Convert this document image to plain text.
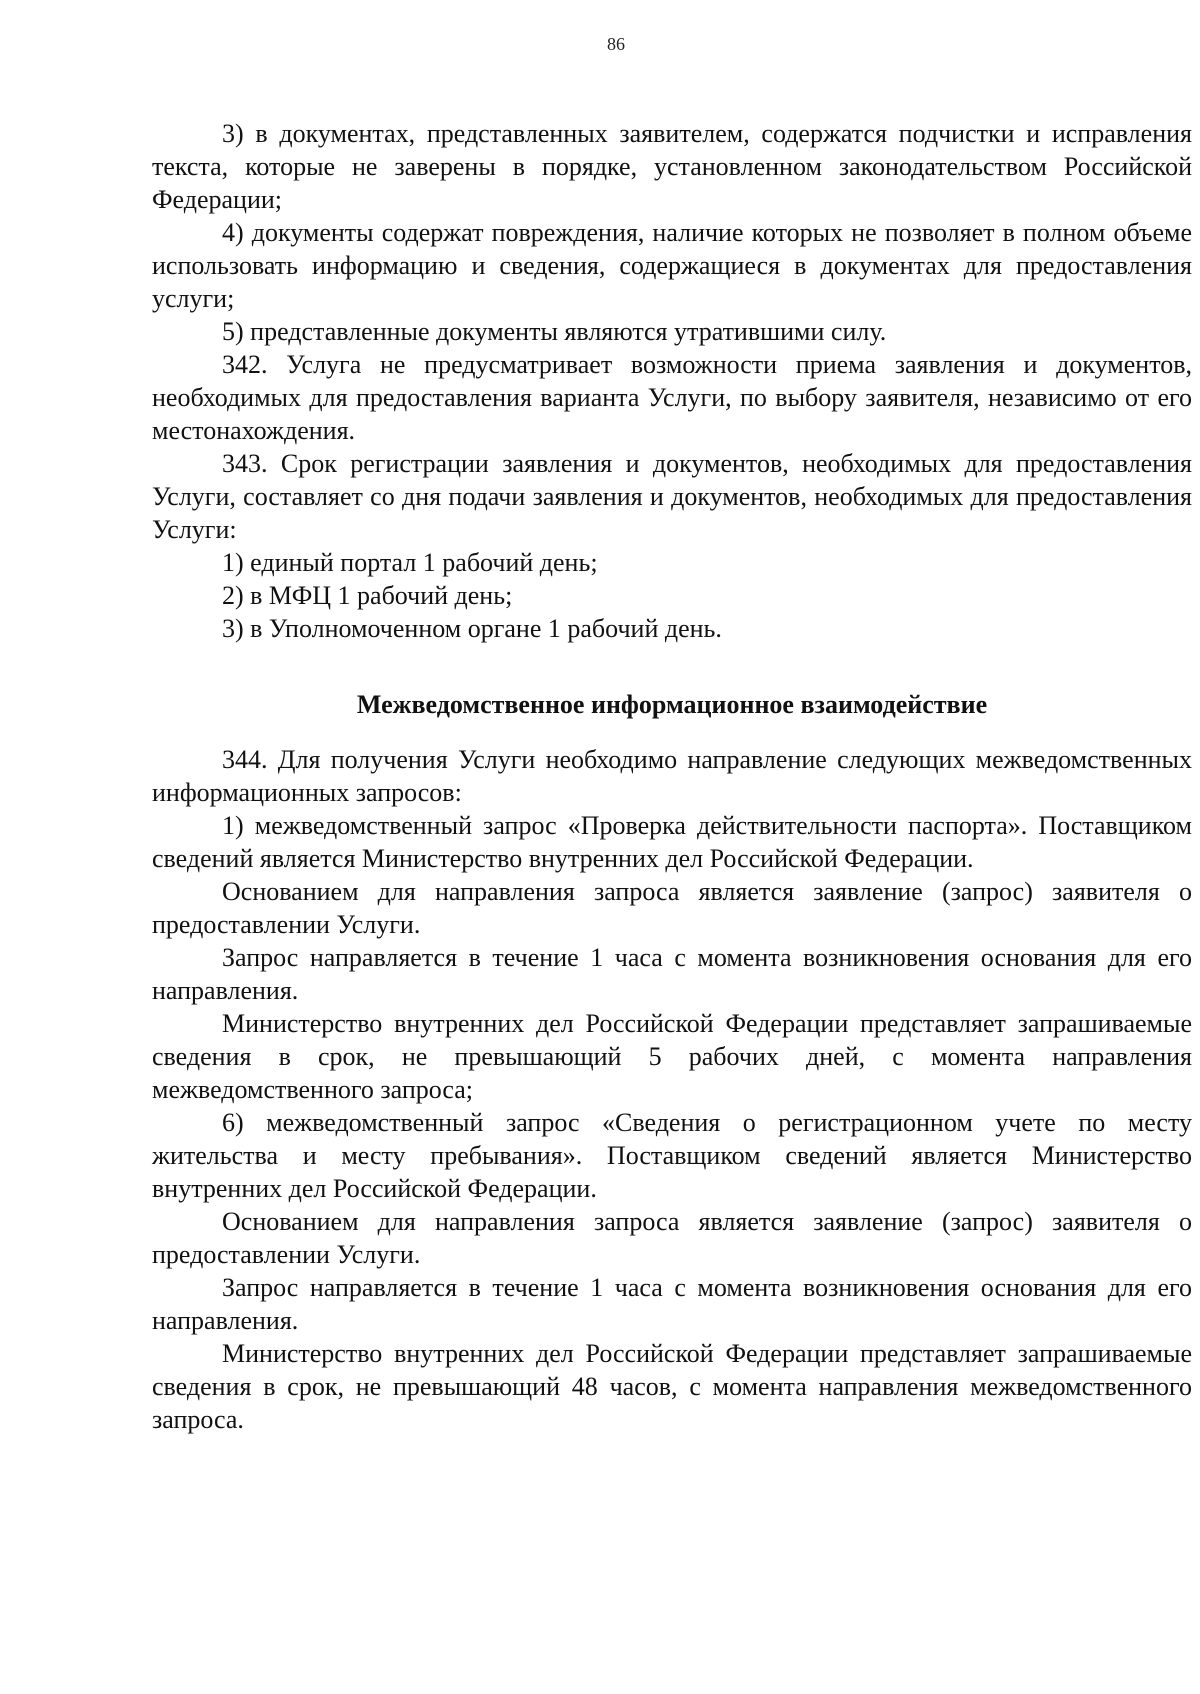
86

3) в документах, представленных заявителем, содержатся подчистки и исправления текста, которые не заверены в порядке, установленном законодательством Российской Федерации;

4) документы содержат повреждения, наличие которых не позволяет в полном объеме использовать информацию и сведения, содержащиеся в документах для предоставления услуги;

5) представленные документы являются утратившими силу.

342. Услуга не предусматривает возможности приема заявления и документов, необходимых для предоставления варианта Услуги, по выбору заявителя, независимо от его местонахождения.

343. Срок регистрации заявления и документов, необходимых для предоставления Услуги, составляет со дня подачи заявления и документов, необходимых для предоставления Услуги:

1) единый портал 1 рабочий день;

2) в МФЦ 1 рабочий день;

3) в Уполномоченном органе 1 рабочий день.

Межведомственное информационное взаимодействие

344. Для получения Услуги необходимо направление следующих межведомственных информационных запросов:

1) межведомственный запрос «Проверка действительности паспорта». Поставщиком сведений является Министерство внутренних дел Российской Федерации.

Основанием для направления запроса является заявление (запрос) заявителя о предоставлении Услуги.

Запрос направляется в течение 1 часа с момента возникновения основания для его направления.

Министерство внутренних дел Российской Федерации представляет запрашиваемые сведения в срок, не превышающий 5 рабочих дней, с момента направления межведомственного запроса;

6) межведомственный запрос «Сведения о регистрационном учете по месту жительства и месту пребывания». Поставщиком сведений является Министерство внутренних дел Российской Федерации.

Основанием для направления запроса является заявление (запрос) заявителя о предоставлении Услуги.

Запрос направляется в течение 1 часа с момента возникновения основания для его направления.

Министерство внутренних дел Российской Федерации представляет запрашиваемые сведения в срок, не превышающий 48 часов, с момента направления межведомственного запроса.
